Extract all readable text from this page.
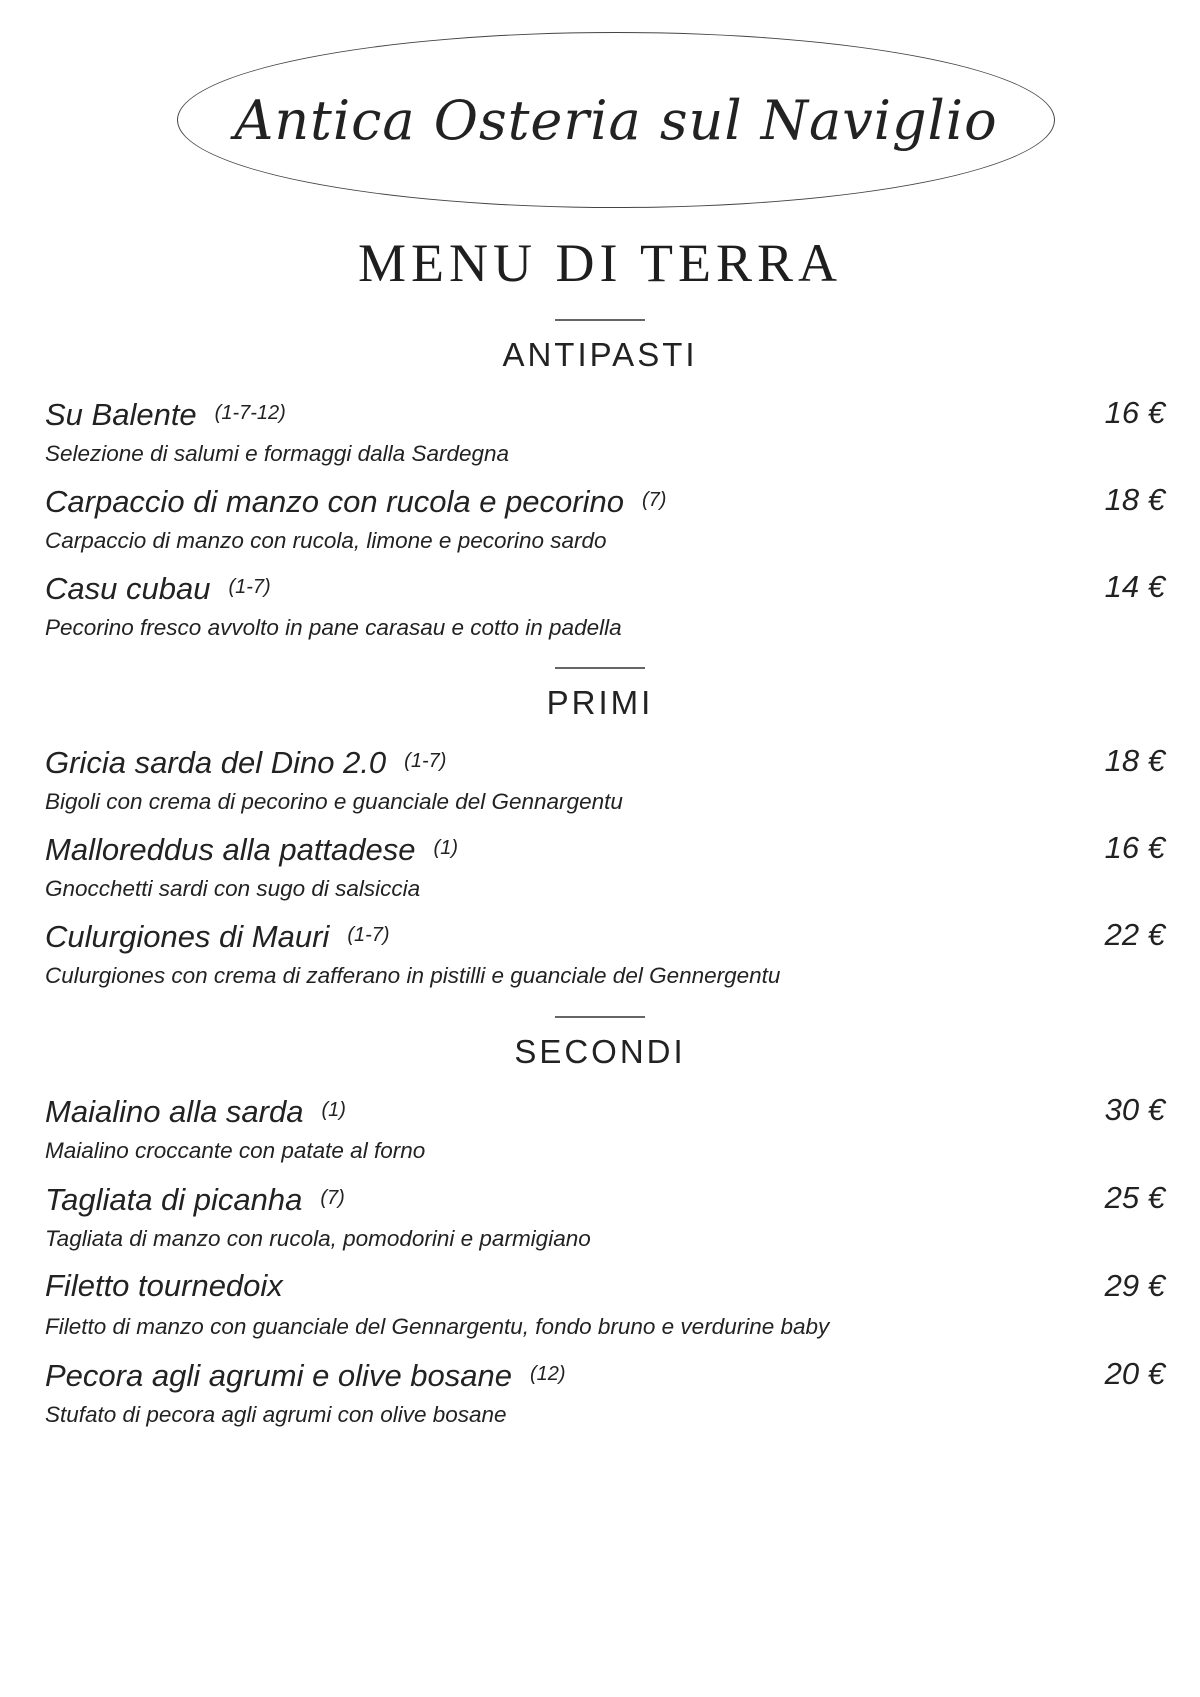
Antica Osteria sul Naviglio
MENU DI TERRA
ANTIPASTI
Su Balente (1-7-12)	16 €
Selezione di salumi e formaggi dalla Sardegna
Carpaccio di manzo con rucola e pecorino (7)	18 €
Carpaccio di manzo con rucola, limone e pecorino sardo
Casu cubau (1-7)	14 €
Pecorino fresco avvolto in pane carasau e cotto in padella
PRIMI
Gricia sarda del Dino 2.0 (1-7)	18 €
Bigoli con crema di pecorino e guanciale del Gennargentu
Malloreddus alla pattadese (1)	16 €
Gnocchetti sardi con sugo di salsiccia
Culurgiones di Mauri (1-7)	22 €
Culurgiones con crema di zafferano in pistilli e guanciale del Gennergentu
SECONDI
Maialino alla sarda (1)	30 €
Maialino croccante con patate al forno
Tagliata di picanha (7)	25 €
Tagliata di manzo con rucola, pomodorini e parmigiano
Filetto tournedoix	29 €
Filetto di manzo con guanciale del Gennargentu, fondo bruno e verdurine baby
Pecora agli agrumi e olive bosane (12)	20 €
Stufato di pecora agli agrumi con olive bosane
